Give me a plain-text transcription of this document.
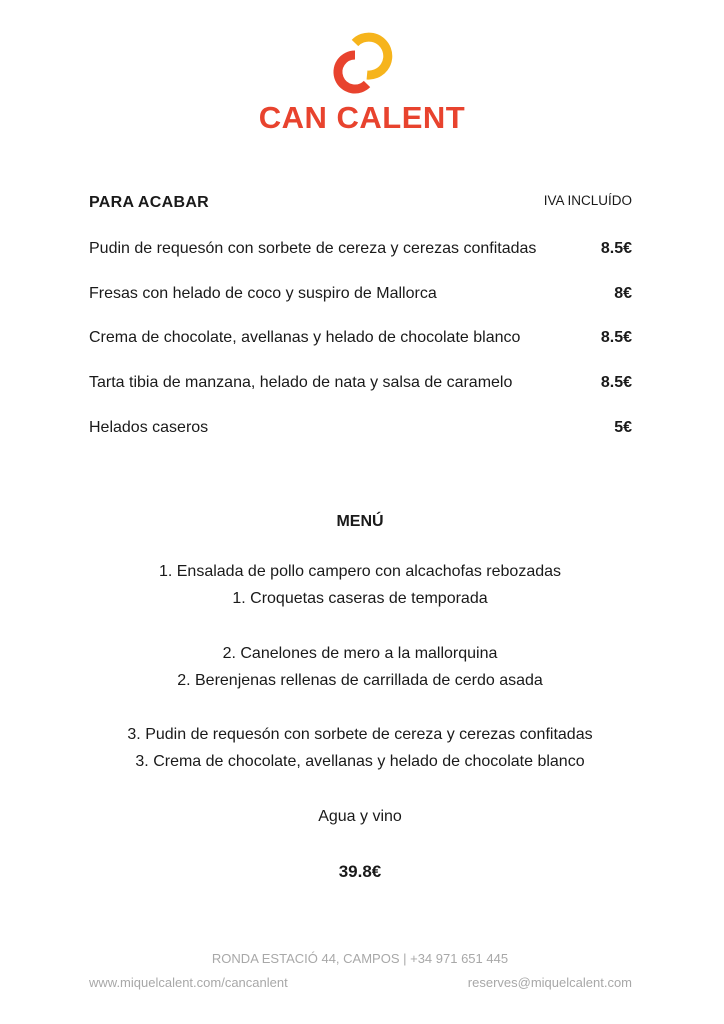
CAN CALENT
PARA ACABAR	IVA INCLUÍDO
Pudin de requesón con sorbete de cereza y cerezas confitadas	8.5€
Fresas con helado de coco y suspiro de Mallorca	8€
Crema de chocolate, avellanas y helado de chocolate blanco	8.5€
Tarta tibia de manzana, helado de nata y salsa de caramelo	8.5€
Helados caseros	5€
MENÚ
1. Ensalada de pollo campero con alcachofas rebozadas
1. Croquetas caseras de temporada
2. Canelones de mero a la mallorquina
2. Berenjenas rellenas de carrillada de cerdo asada
3. Pudin de requesón con sorbete de cereza y cerezas confitadas
3. Crema de chocolate, avellanas y helado de chocolate blanco
Agua y vino
39.8€
RONDA ESTACIÓ 44, CAMPOS | +34 971 651 445
www.miquelcalent.com/cancanlent	reserves@miquelcalent.com
